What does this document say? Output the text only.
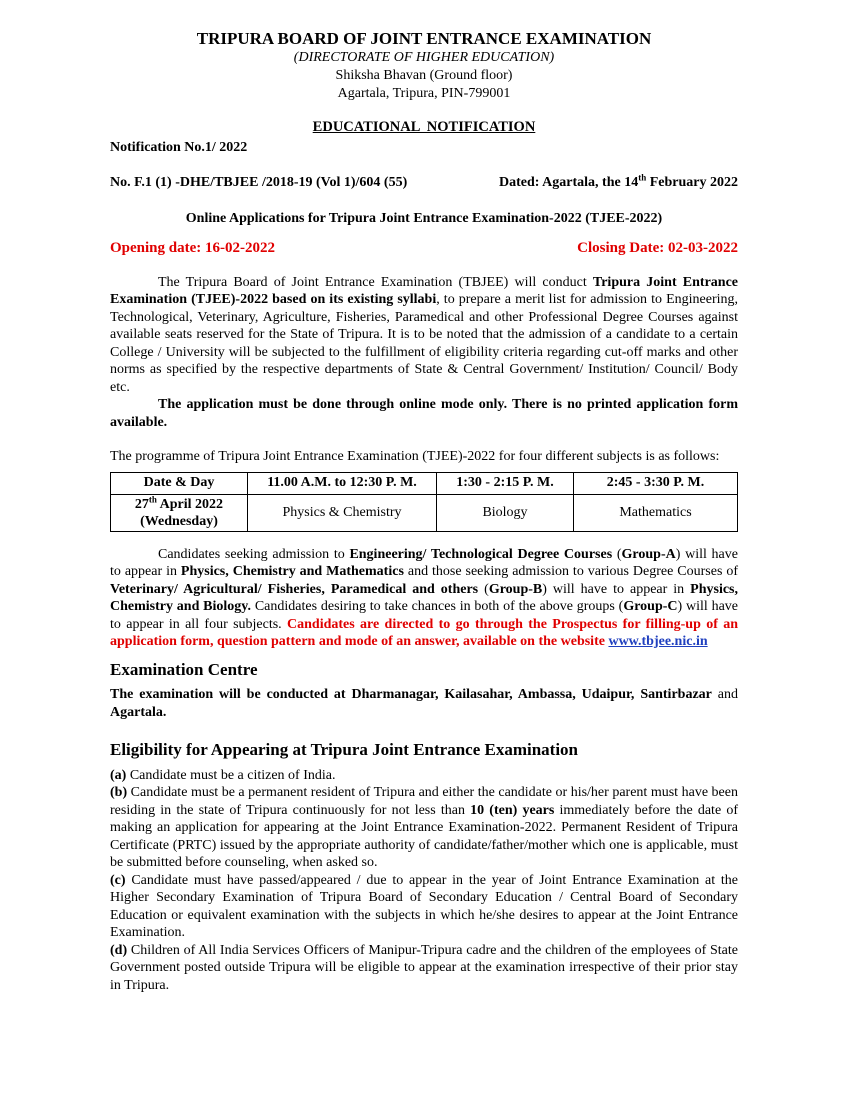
TRIPURA BOARD OF JOINT ENTRANCE EXAMINATION
(DIRECTORATE OF HIGHER EDUCATION)
Shiksha Bhavan (Ground floor)
Agartala, Tripura, PIN-799001
EDUCATIONAL  NOTIFICATION
Notification No.1/ 2022
No. F.1 (1) -DHE/TBJEE /2018-19 (Vol 1)/604 (55)	Dated: Agartala, the 14th February 2022
Online Applications for Tripura Joint Entrance Examination-2022 (TJEE-2022)
Opening date: 16-02-2022	Closing Date: 02-03-2022

The Tripura Board of Joint Entrance Examination (TBJEE) will conduct Tripura Joint Entrance Examination (TJEE)-2022 based on its existing syllabi, to prepare a merit list for admission to Engineering, Technological, Veterinary, Agriculture, Fisheries, Paramedical and other Professional Degree Courses against available seats reserved for the State of Tripura. It is to be noted that the admission of a candidate to a certain College / University will be subjected to the fulfillment of eligibility criteria regarding cut-off marks and other norms as specified by the respective departments of State & Central Government/ Institution/ Council/ Body etc.

The application must be done through online mode only. There is no printed application form available.

The programme of Tripura Joint Entrance Examination (TJEE)-2022 for four different subjects is as follows:

Date & Day	11.00 A.M. to 12:30 P. M.	1:30 - 2:15 P. M.	2:45 - 3:30 P. M.
27th April 2022
(Wednesday)	Physics & Chemistry	Biology	Mathematics

Candidates seeking admission to Engineering/ Technological Degree Courses (Group-A) will have to appear in Physics, Chemistry and Mathematics and those seeking admission to various Degree Courses of Veterinary/ Agricultural/ Fisheries, Paramedical and others (Group-B) will have to appear in Physics, Chemistry and Biology. Candidates desiring to take chances in both of the above groups (Group-C) will have to appear in all four subjects. Candidates are directed to go through the Prospectus for filling-up of an application form, question pattern and mode of an answer, available on the website www.tbjee.nic.in

Examination Centre

The examination will be conducted at Dharmanagar, Kailasahar, Ambassa, Udaipur, Santirbazar and Agartala.

Eligibility for Appearing at Tripura Joint Entrance Examination

(a) Candidate must be a citizen of India.

(b) Candidate must be a permanent resident of Tripura and either the candidate or his/her parent must have been residing in the state of Tripura continuously for not less than 10 (ten) years immediately before the date of making an application for appearing at the Joint Entrance Examination-2022. Permanent Resident of Tripura Certificate (PRTC) issued by the appropriate authority of candidate/father/mother which one is applicable, must be submitted before counseling, when asked so.

(c) Candidate must have passed/appeared / due to appear in the year of Joint Entrance Examination at the Higher Secondary Examination of Tripura Board of Secondary Education / Central Board of Secondary Education or equivalent examination with the subjects in which he/she desires to appear at the Joint Entrance Examination.

(d) Children of All India Services Officers of Manipur-Tripura cadre and the children of the employees of State Government posted outside Tripura will be eligible to appear at the examination irrespective of their prior stay in Tripura.
